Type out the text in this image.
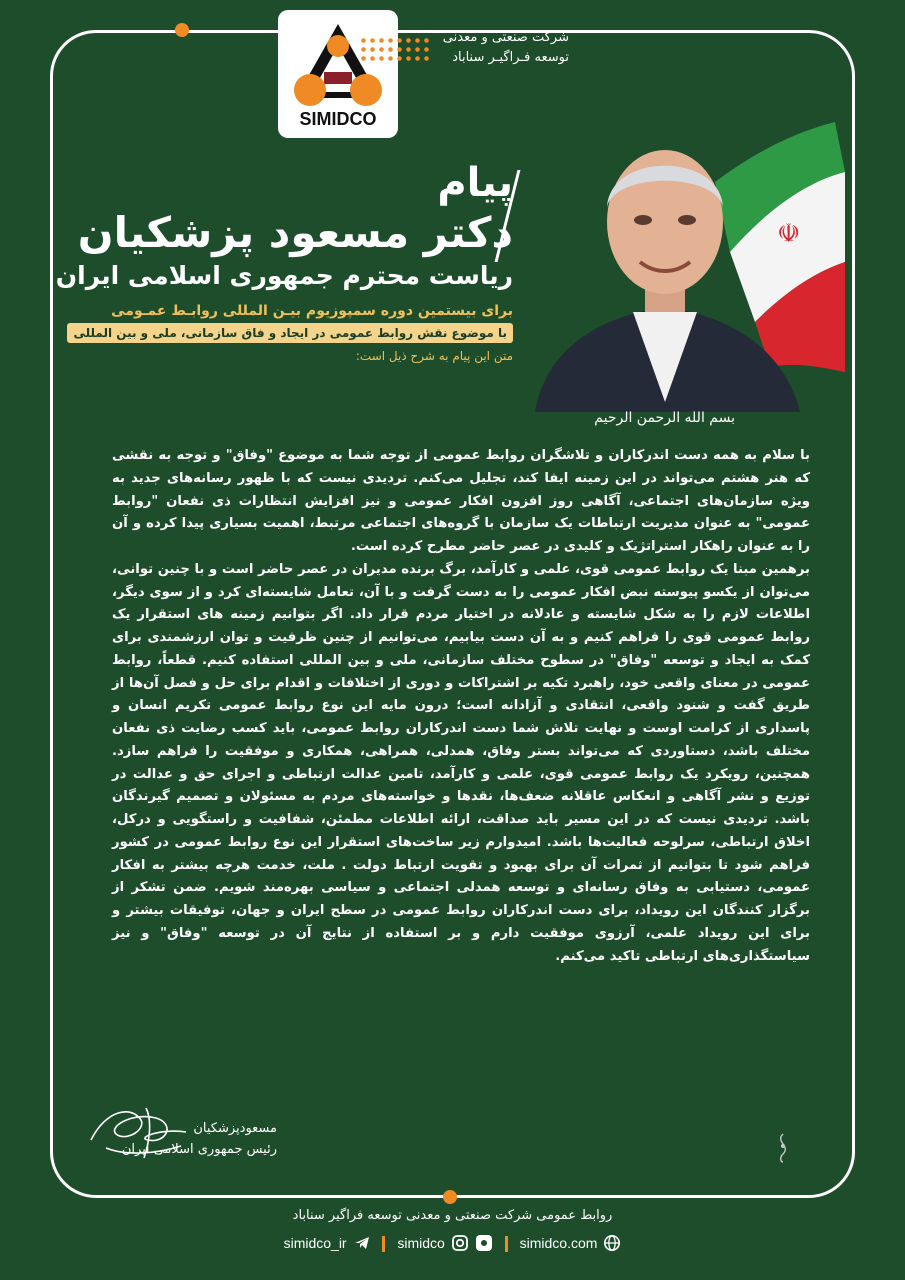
SIMIDCO
شرکت صنعتی و معدنی
توسعه فـراگیـر سناباد
☫
پیام
دکتر مسعود پزشکیان
ریاست محترم جمهوری اسلامی ایران
برای بیستمین دوره سمپوزیوم بیـن المللی روابـط عمـومی
با موضوع نقش روابط عمومی در ایجاد و فاق سازمانی، ملی و بین المللی
متن این پیام به شرح ذیل است:
بسم الله الرحمن الرحیم

با سلام به همه دست اندرکاران و تلاشگران روابط عمومی از توجه شما به موضوع "وفاق" و توجه به نقشی که هنر هشتم می‌تواند در این زمینه ایفا کند، تجلیل می‌کنم. تردیدی نیست که با ظهور رسانه‌های جدید به ویژه سازمان‌های اجتماعی، آگاهی روز افزون افکار عمومی و نیز افزایش انتظارات ذی نفعان "روابط عمومی" به عنوان مدیریت ارتباطات یک سازمان با گروه‌های اجتماعی مرتبط، اهمیت بسیاری پیدا کرده و آن را به عنوان راهکار استراتژیک و کلیدی در عصر حاضر مطرح کرده است.

برهمین مبنا یک روابط عمومی قوی، علمی و کارآمد، برگ برنده مدیران در عصر حاضر است و با چنین توانی، می‌توان از یکسو پیوسته نبض افکار عمومی را به دست گرفت و با آن، تعامل شایسته‌ای کرد و از سوی دیگر، اطلاعات لازم را به شکل شایسته و عادلانه در اختیار مردم قرار داد. اگر بتوانیم زمینه های استقرار یک روابط عمومی قوی را فراهم کنیم و به آن دست بیابیم، می‌توانیم از چنین ظرفیت و توان ارزشمندی برای کمک به ایجاد و توسعه "وفاق" در سطوح مختلف سازمانی، ملی و بین المللی استفاده کنیم. قطعاً، روابط عمومی در معنای واقعی خود، راهبرد تکیه بر اشتراکات و دوری از اختلافات و اقدام برای حل و فصل آن‌ها از طریق گفت و شنود واقعی، انتقادی و آزادانه است؛ درون مایه این نوع روابط عمومی تکریم انسان و پاسداری از کرامت اوست و نهایت تلاش شما دست اندرکاران روابط عمومی، باید کسب رضایت ذی نفعان مختلف باشد، دستاوردی که می‌تواند بستر وفاق، همدلی، همراهی، همکاری و موفقیت را فراهم سازد. همچنین، رویکرد یک روابط عمومی قوی، علمی و کارآمد، تامین عدالت ارتباطی و اجرای حق و عدالت در توزیع و نشر آگاهی و انعکاس عاقلانه ضعف‌ها، نقدها و خواسته‌های مردم به مسئولان و تصمیم گیرندگان باشد. تردیدی نیست که در این مسیر باید صداقت، ارائه اطلاعات مطمئن، شفافیت و راستگویی و درکل، اخلاق ارتباطی، سرلوحه فعالیت‌ها باشد. امیدوارم زیر ساخت‌های استقرار این نوع روابط عمومی در کشور فراهم شود تا بتوانیم از ثمرات آن برای بهبود و تقویت ارتباط دولت . ملت، خدمت هرچه بیشتر به افکار عمومی، دستیابی به وفاق رسانه‌ای و توسعه همدلی اجتماعی و سیاسی بهره‌مند شویم. ضمن تشکر از برگزار کنندگان این رویداد، برای دست اندرکاران روابط عمومی در سطح ایران و جهان، توفیقات بیشتر و برای این رویداد علمی، آرزوی موفقیت دارم و بر استفاده از نتایج آن در توسعه "وفاق" و نیز سیاستگذاری‌های ارتباطی تاکید می‌کنم.

مسعودپزشکیان
رئیس جمهوری اسلامی ایران
روابط عمومی شرکت صنعتی و معدنی توسعه فراگیر سناباد
simidco_ir
	simidco
	simidco.com
